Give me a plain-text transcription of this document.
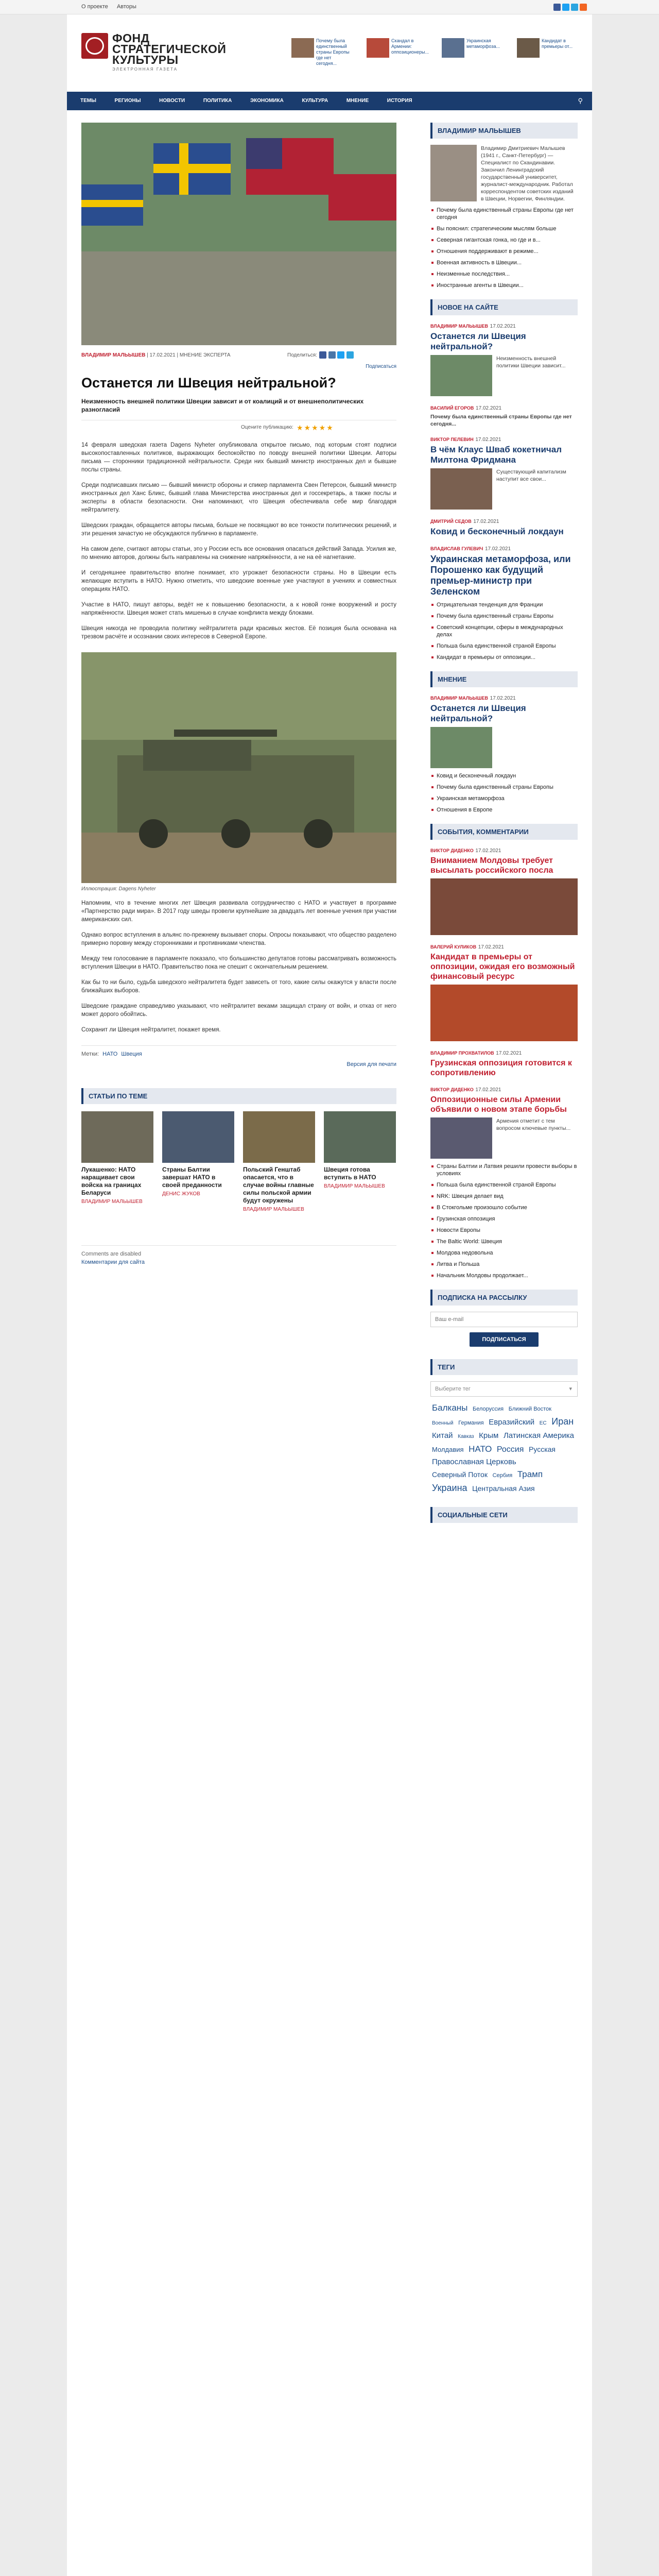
О проекте Авторы

ФОНД
СТРАТЕГИЧЕСКОЙ
КУЛЬТУРЫ
ЭЛЕКТРОННАЯ ГАЗЕТА
Почему была единственный страны Европы где нет сегодня...
Скандал в Армении: оппозиционеры...
Украинская метаморфоза...
Кандидат в премьеры от...
ТЕМЫ	РЕГИОНЫ	НОВОСТИ	ПОЛИТИКА	ЭКОНОМИКА	КУЛЬТУРА	МНЕНИЕ	ИСТОРИЯ	⚲
ВЛАДИМИР МАЛЬЫШЕВ | 17.02.2021 | МНЕНИЕ ЭКСПЕРТА	Поделиться:

Подписаться
Останется ли Швеция нейтральной?

Неизменность внешней политики Швеции зависит и от коалиций и от внешнеполитических разногласий

Оцените публикацию: ★★★★★

14 февраля шведская газета Dagens Nyheter опубликовала открытое письмо, под которым стоят подписи высокопоставленных политиков, выражающих беспокойство по поводу внешней политики Швеции. Авторы письма — сторонники традиционной нейтральности. Среди них бывший министр иностранных дел и бывшие послы страны.

Среди подписавших письмо — бывший министр обороны и спикер парламента Свен Петерсон, бывший министр иностранных дел Ханс Бликс, бывший глава Министерства иностранных дел и госсекретарь, а также послы и эксперты в области безопасности. Они напоминают, что Швеция обеспечивала себе мир благодаря нейтралитету.

Шведских граждан, обращается авторы письма, больше не посвящают во все тонкости политических решений, и эти решения зачастую не обсуждаются публично в парламенте.

На самом деле, считают авторы статьи, это у России есть все основания опасаться действий Запада. Усилия же, по мнению авторов, должны быть направлены на снижение напряжённости, а не на её нагнетание.

И сегодняшнее правительство вполне понимает, кто угрожает безопасности страны. Но в Швеции есть желающие вступить в НАТО. Нужно отметить, что шведские военные уже участвуют в учениях и совместных операциях НАТО.

Участие в НАТО, пишут авторы, ведёт не к повышению безопасности, а к новой гонке вооружений и росту напряжённости. Швеция может стать мишенью в случае конфликта между блоками.

Швеция никогда не проводила политику нейтралитета ради красивых жестов. Её позиция была основана на трезвом расчёте и осознании своих интересов в Северной Европе.

Иллюстрация: Dagens Nyheter

Напомним, что в течение многих лет Швеция развивала сотрудничество с НАТО и участвует в программе «Партнерство ради мира». В 2017 году шведы провели крупнейшие за двадцать лет военные учения при участии американских сил.

Однако вопрос вступления в альянс по-прежнему вызывает споры. Опросы показывают, что общество разделено примерно поровну между сторонниками и противниками членства.

Между тем голосование в парламенте показало, что большинство депутатов готовы рассматривать возможность вступления Швеции в НАТО. Правительство пока не спешит с окончательным решением.

Как бы то ни было, судьба шведского нейтралитета будет зависеть от того, какие силы окажутся у власти после ближайших выборов.

Шведские граждане справедливо указывают, что нейтралитет веками защищал страну от войн, и отказ от него может дорого обойтись.

Сохранит ли Швеция нейтралитет, покажет время.

Метки: НАТО Швеция
Версия для печати
СТАТЬИ ПО ТЕМЕ
Лукашенко: НАТО наращивает свои войска на границах Беларуси
ВЛАДИМИР МАЛЬЫШЕВ
Страны Балтии завершат НАТО в своей преданности
ДЕНИС ЖУКОВ
Польский Генштаб опасается, что в случае войны главные силы польской армии будут окружены
ВЛАДИМИР МАЛЬЫШЕВ
Швеция готова вступить в НАТО
ВЛАДИМИР МАЛЬЫШЕВ
Comments are disabled
Комментарии для сайта
ВЛАДИМИР МАЛЬЫШЕВ
Владимир Дмитриевич Малышев (1941 г., Санкт-Петербург) — Специалист по Скандинавии. Закончил Ленинградский государственный университет, журналист-международник. Работал корреспондентом советских изданий в Швеции, Норвегии, Финляндии.
Почему была единственный страны Европы где нет сегодня
Вы пояснил: стратегическим мыслям больше
Северная гигантская гонка, но где и в...
Отношения поддерживают в режиме...
Военная активность в Швеции...
Неизменные последствия...
Иностранные агенты в Швеции...
НОВОЕ НА САЙТЕ
ВЛАДИМИР МАЛЬЫШЕВ 17.02.2021
Останется ли Швеция нейтральной?
Неизменность внешней политики Швеции зависит...
ВАСИЛИЙ ЕГОРОВ 17.02.2021
Почему была единственный страны Европы где нет сегодня...
ВИКТОР ПЕЛЕВИН 17.02.2021
В чём Клаус Шваб кокетничал Милтона Фридмана
Существующий капитализм наступит все свои...
ДМИТРИЙ СЕДОВ 17.02.2021
Ковид и бесконечный локдаун
ВЛАДИСЛАВ ГУЛЕВИЧ 17.02.2021
Украинская метаморфоза, или Порошенко как будущий премьер-министр при Зеленском
Отрицательная тенденция для Франции
Почему была единственный страны Европы
Советский концепции, сферы в международных делах
Польша была единственной страной Европы
Кандидат в премьеры от оппозиции...
МНЕНИЕ
ВЛАДИМИР МАЛЬЫШЕВ 17.02.2021
Останется ли Швеция нейтральной?
Ковид и бесконечный локдаун
Почему была единственный страны Европы
Украинская метаморфоза
Отношения в Европе
СОБЫТИЯ, КОММЕНТАРИИ
ВИКТОР ДИДЕНКО 17.02.2021
Вниманием Молдовы требует высылать российского посла
ВАЛЕРИЙ КУЛИКОВ 17.02.2021
Кандидат в премьеры от оппозиции, ожидая его возможный финансовый ресурс
ВЛАДИМИР ПРОХВАТИЛОВ 17.02.2021
Грузинская оппозиция готовится к сопротивлению
ВИКТОР ДИДЕНКО 17.02.2021
Оппозиционные силы Армении объявили о новом этапе борьбы
Армения отметит с тем вопросом ключевые пункты...
Страны Балтии и Латвия решили провести выборы в условиях
Польша была единственной страной Европы
NRK: Швеция делает вид
В Стокгольме произошло событие
Грузинская оппозиция
Новости Европы
The Baltic World: Швеция
Молдова недовольна
Литва и Польша
Начальник Молдовы продолжает...
ПОДПИСКА НА РАССЫЛКУ
Ваш e-mail
ПОДПИСАТЬСЯ
ТЕГИ
Выберите тег	▾
Балканы Белоруссия Ближний Восток Военный Германия Евразийский ЕС Иран Китай Кавказ Крым Латинская Америка Молдавия НАТО Россия Русская Православная Церковь Северный Поток Сербия Трамп Украина Центральная Азия
СОЦИАЛЬНЫЕ СЕТИ
